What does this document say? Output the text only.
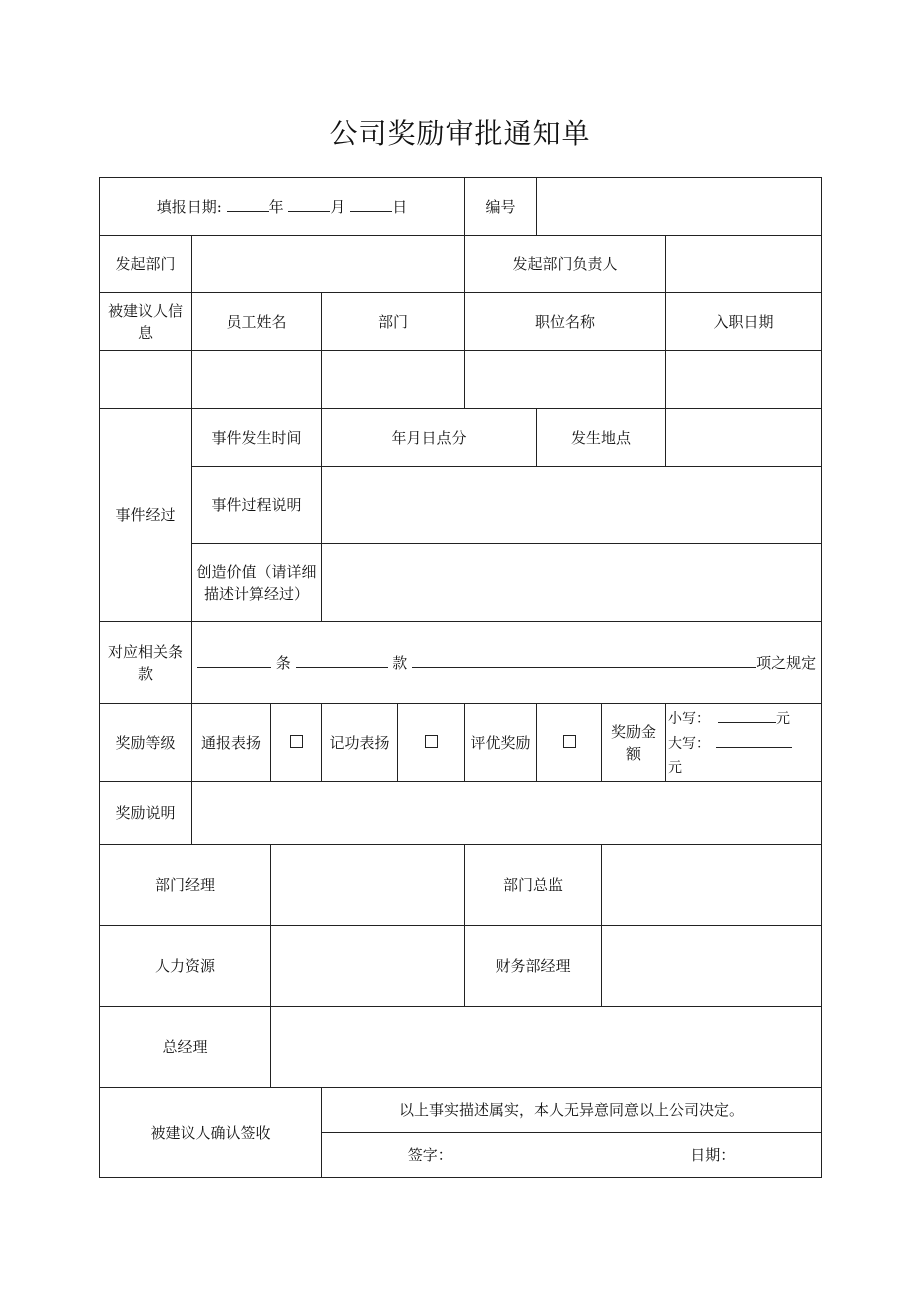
公司奖励审批通知单
填报日期: 年 月 日					编号			
发起部门					发起部门负责人			
被建议人信息	员工姓名		部门		职位名称			入职日期

事件经过	事件发生时间		年月日点分			发生地点		
	事件过程说明							
	创造价值（请详细描述计算经过）							
对应相关条款	条 款 项之规定							
奖励等级	通报表扬		记功表扬		评优奖励		奖励金额	小写： 元
大写：
元
奖励说明								
部门经理					部门总监			
人力资源					财务部经理			
总经理								
被建议人确认签收			以上事实描述属实，本人无异意同意以上公司决定。					
			签字： 日期：					
